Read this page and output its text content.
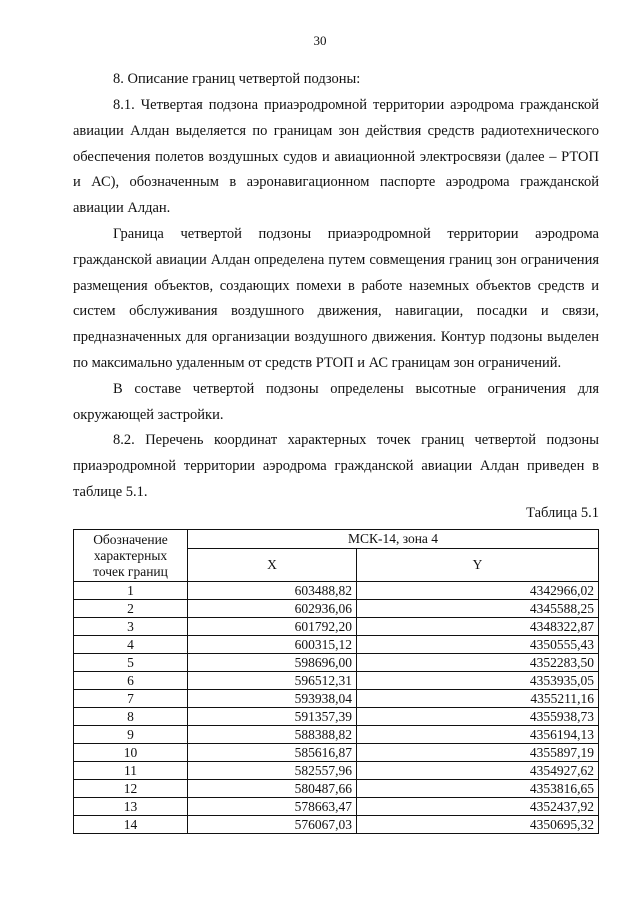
30
8. Описание границ четвертой подзоны:
8.1. Четвертая подзона приаэродромной территории аэродрома гражданской авиации Алдан выделяется по границам зон действия средств радиотехнического обеспечения полетов воздушных судов и авиационной электросвязи (далее – РТОП и АС), обозначенным в аэронавигационном паспорте аэродрома гражданской авиации Алдан.
Граница четвертой подзоны приаэродромной территории аэродрома гражданской авиации Алдан определена путем совмещения границ зон ограничения размещения объектов, создающих помехи в работе наземных объектов средств и систем обслуживания воздушного движения, навигации, посадки и связи, предназначенных для организации воздушного движения. Контур подзоны выделен по максимально удаленным от средств РТОП и АС границам зон ограничений.
В составе четвертой подзоны определены высотные ограничения для окружающей застройки.
8.2. Перечень координат характерных точек границ четвертой подзоны приаэродромной территории аэродрома гражданской авиации Алдан приведен в таблице 5.1.
Таблица 5.1
Обозначение характерных точек границ	МСК-14, зона 4	
	X	Y
1	603488,82	4342966,02
2	602936,06	4345588,25
3	601792,20	4348322,87
4	600315,12	4350555,43
5	598696,00	4352283,50
6	596512,31	4353935,05
7	593938,04	4355211,16
8	591357,39	4355938,73
9	588388,82	4356194,13
10	585616,87	4355897,19
11	582557,96	4354927,62
12	580487,66	4353816,65
13	578663,47	4352437,92
14	576067,03	4350695,32
